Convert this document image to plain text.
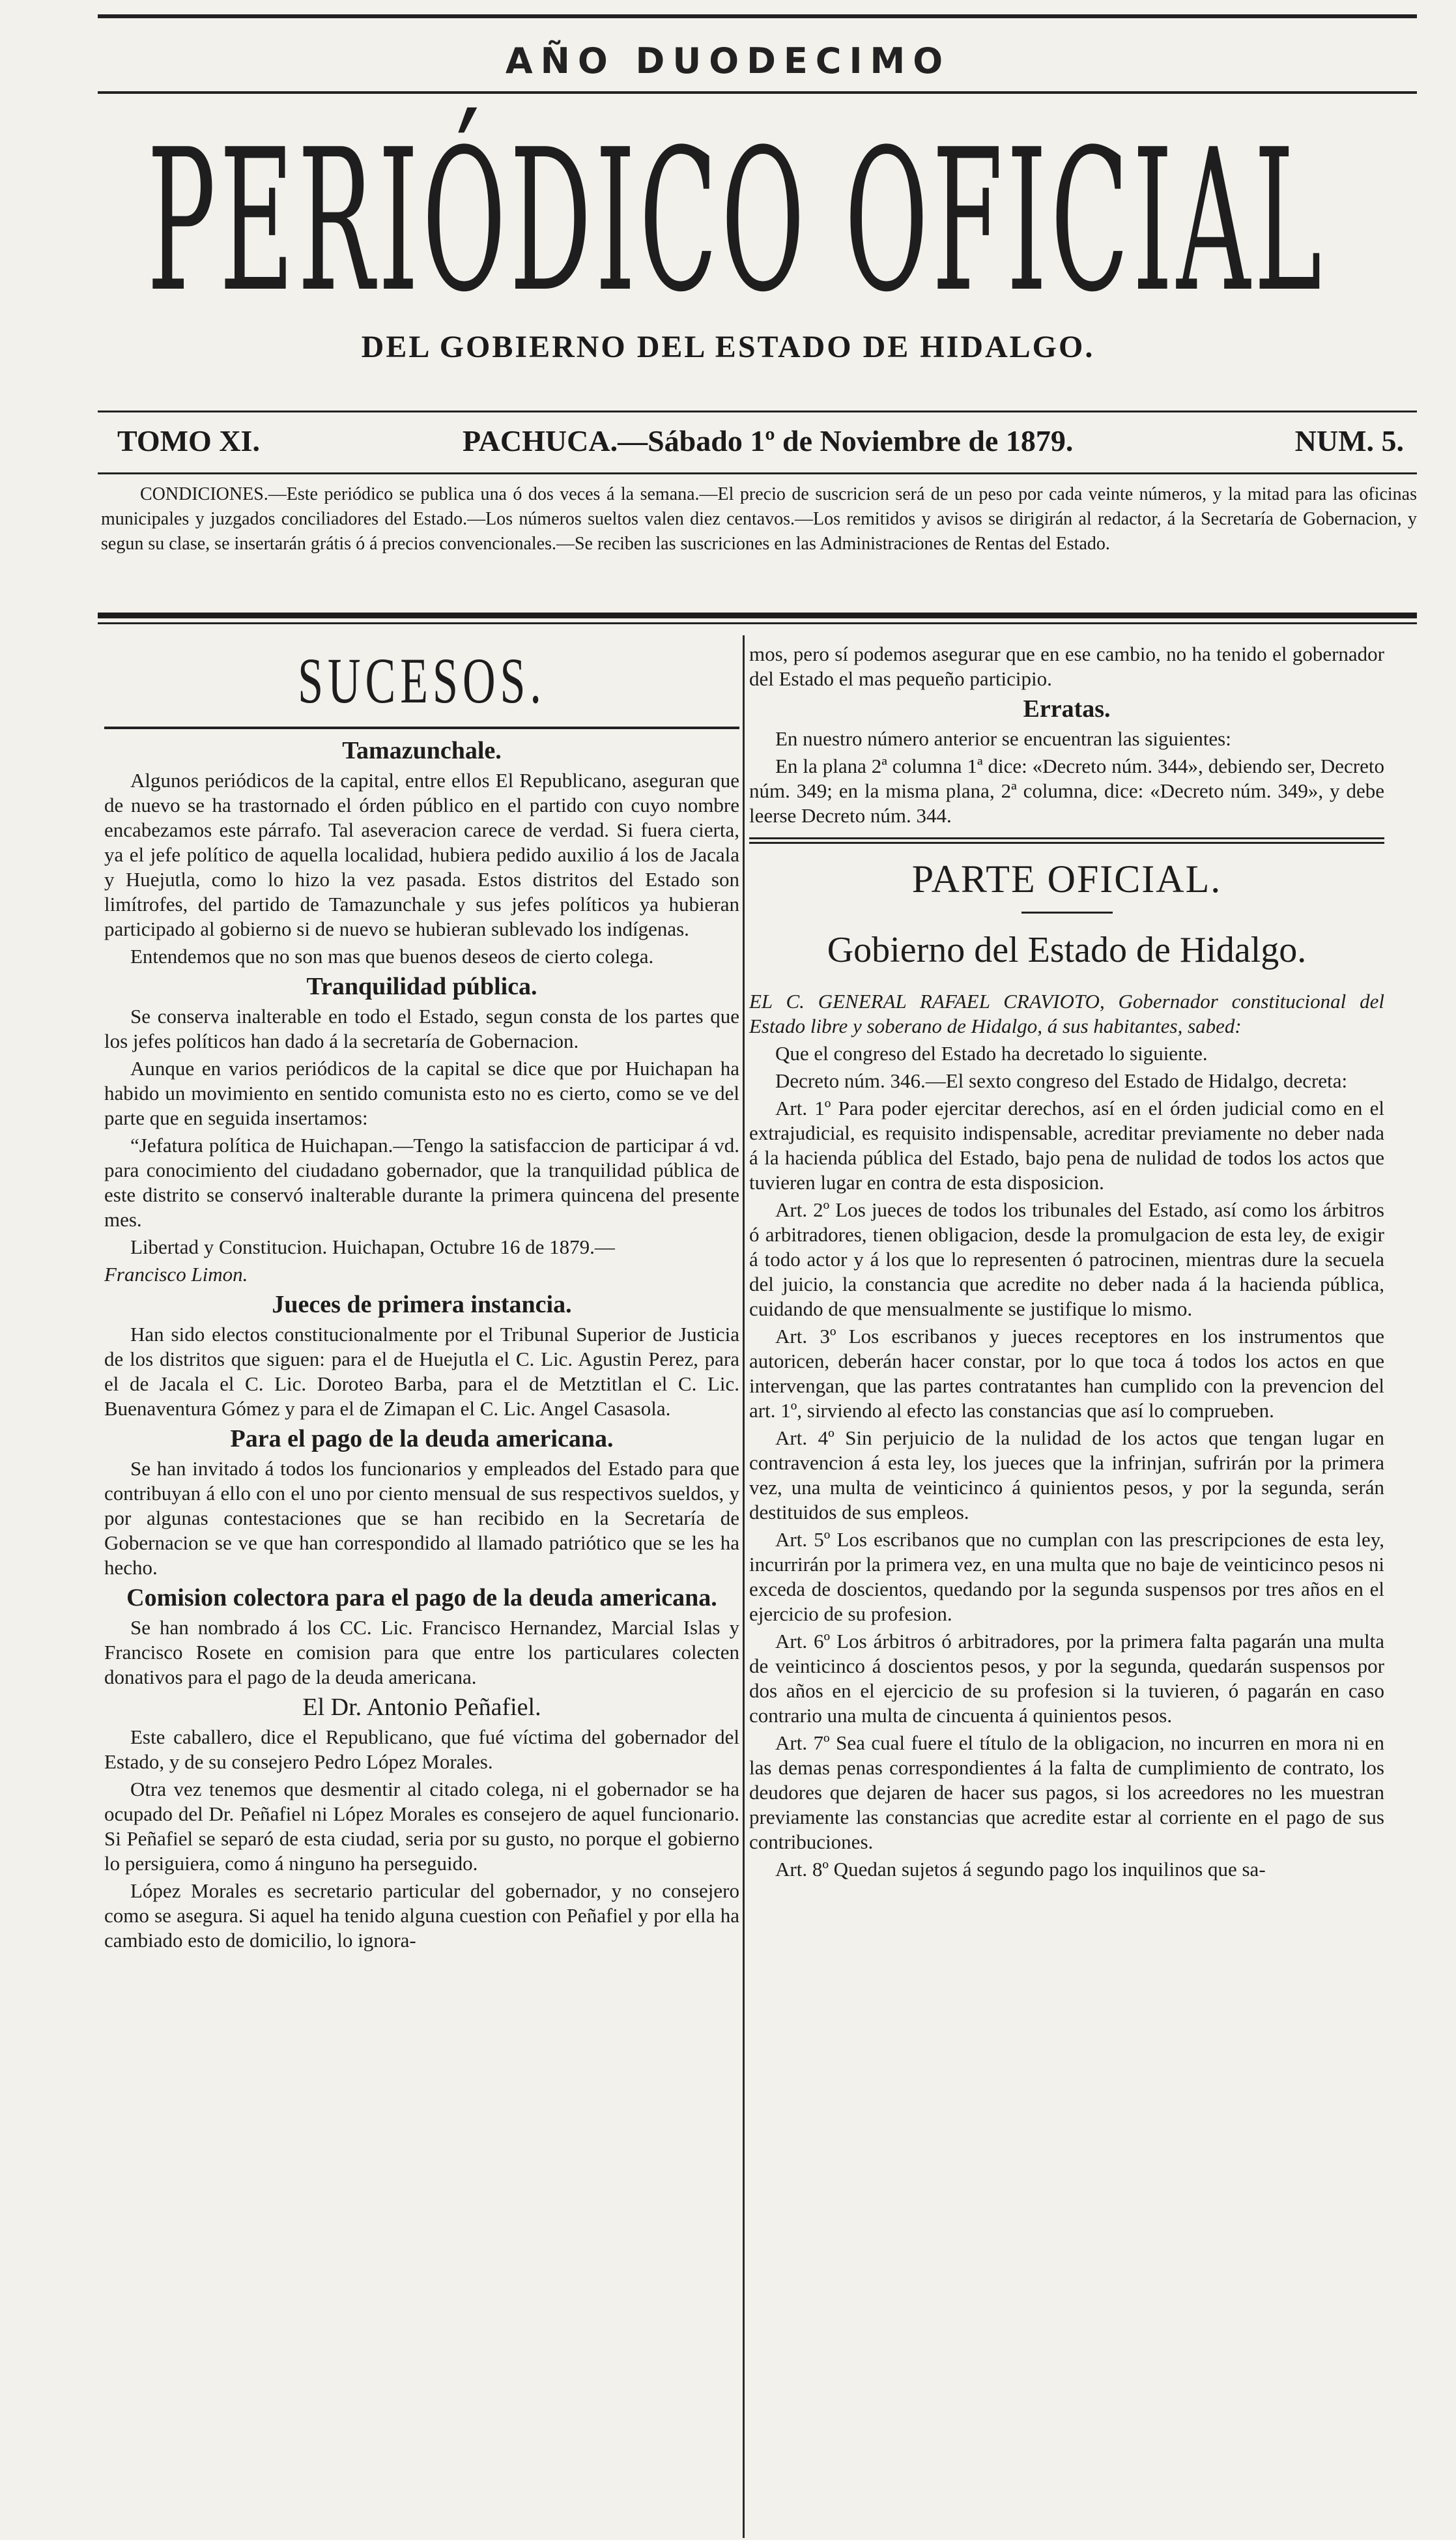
AÑO DUODECIMO
PERIÓDICO OFICIAL
DEL GOBIERNO DEL ESTADO DE HIDALGO.
TOMO XI.	PACHUCA.—Sábado 1º de Noviembre de 1879.	NUM. 5.
CONDICIONES.—Este periódico se publica una ó dos veces á la semana.—El precio de suscricion será de un peso por cada veinte números, y la mitad para las oficinas municipales y juzgados conciliadores del Estado.—Los números sueltos valen diez centavos.—Los remitidos y avisos se dirigirán al redactor, á la Secretaría de Gobernacion, y segun su clase, se insertarán grátis ó á precios convencionales.—Se reciben las suscriciones en las Administraciones de Rentas del Estado.
SUCESOS.
Tamazunchale.

Algunos periódicos de la capital, entre ellos El Republicano, aseguran que de nuevo se ha trastornado el órden público en el partido con cuyo nombre encabezamos este párrafo. Tal aseveracion carece de verdad. Si fuera cierta, ya el jefe político de aquella localidad, hubiera pedido auxilio á los de Jacala y Huejutla, como lo hizo la vez pasada. Estos distritos del Estado son limítrofes, del partido de Tamazunchale y sus jefes políticos ya hubieran participado al gobierno si de nuevo se hubieran sublevado los indígenas.

Entendemos que no son mas que buenos deseos de cierto colega.

Tranquilidad pública.

Se conserva inalterable en todo el Estado, segun consta de los partes que los jefes políticos han dado á la secretaría de Gobernacion.

Aunque en varios periódicos de la capital se dice que por Huichapan ha habido un movimiento en sentido comunista esto no es cierto, como se ve del parte que en seguida insertamos:

“Jefatura política de Huichapan.—Tengo la satisfaccion de participar á vd. para conocimiento del ciudadano gobernador, que la tranquilidad pública de este distrito se conservó inalterable durante la primera quincena del presente mes.

Libertad y Constitucion. Huichapan, Octubre 16 de 1879.—

Francisco Limon.

Jueces de primera instancia.

Han sido electos constitucionalmente por el Tribunal Superior de Justicia de los distritos que siguen: para el de Huejutla el C. Lic. Agustin Perez, para el de Jacala el C. Lic. Doroteo Barba, para el de Metztitlan el C. Lic. Buenaventura Gómez y para el de Zimapan el C. Lic. Angel Casasola.

Para el pago de la deuda americana.

Se han invitado á todos los funcionarios y empleados del Estado para que contribuyan á ello con el uno por ciento mensual de sus respectivos sueldos, y por algunas contestaciones que se han recibido en la Secretaría de Gobernacion se ve que han correspondido al llamado patriótico que se les ha hecho.

Comision colectora para el pago de la deuda americana.

Se han nombrado á los CC. Lic. Francisco Hernandez, Marcial Islas y Francisco Rosete en comision para que entre los particulares colecten donativos para el pago de la deuda americana.

El Dr. Antonio Peñafiel.

Este caballero, dice el Republicano, que fué víctima del gobernador del Estado, y de su consejero Pedro López Morales.

Otra vez tenemos que desmentir al citado colega, ni el gobernador se ha ocupado del Dr. Peñafiel ni López Morales es consejero de aquel funcionario. Si Peñafiel se separó de esta ciudad, seria por su gusto, no porque el gobierno lo persiguiera, como á ninguno ha perseguido.

López Morales es secretario particular del gobernador, y no consejero como se asegura. Si aquel ha tenido alguna cuestion con Peñafiel y por ella ha cambiado esto de domicilio, lo ignora-

mos, pero sí podemos asegurar que en ese cambio, no ha tenido el gobernador del Estado el mas pequeño participio.

Erratas.

En nuestro número anterior se encuentran las siguientes:

En la plana 2ª columna 1ª dice: «Decreto núm. 344», debiendo ser, Decreto núm. 349; en la misma plana, 2ª columna, dice: «Decreto núm. 349», y debe leerse Decreto núm. 344.

PARTE OFICIAL.
Gobierno del Estado de Hidalgo.

EL C. GENERAL RAFAEL CRAVIOTO, Gobernador constitucional del Estado libre y soberano de Hidalgo, á sus habitantes, sabed:

Que el congreso del Estado ha decretado lo siguiente.

Decreto núm. 346.—El sexto congreso del Estado de Hidalgo, decreta:

Art. 1º Para poder ejercitar derechos, así en el órden judicial como en el extrajudicial, es requisito indispensable, acreditar previamente no deber nada á la hacienda pública del Estado, bajo pena de nulidad de todos los actos que tuvieren lugar en contra de esta disposicion.

Art. 2º Los jueces de todos los tribunales del Estado, así como los árbitros ó arbitradores, tienen obligacion, desde la promulgacion de esta ley, de exigir á todo actor y á los que lo representen ó patrocinen, mientras dure la secuela del juicio, la constancia que acredite no deber nada á la hacienda pública, cuidando de que mensualmente se justifique lo mismo.

Art. 3º Los escribanos y jueces receptores en los instrumentos que autoricen, deberán hacer constar, por lo que toca á todos los actos en que intervengan, que las partes contratantes han cumplido con la prevencion del art. 1º, sirviendo al efecto las constancias que así lo comprueben.

Art. 4º Sin perjuicio de la nulidad de los actos que tengan lugar en contravencion á esta ley, los jueces que la infrinjan, sufrirán por la primera vez, una multa de veinticinco á quinientos pesos, y por la segunda, serán destituidos de sus empleos.

Art. 5º Los escribanos que no cumplan con las prescripciones de esta ley, incurrirán por la primera vez, en una multa que no baje de veinticinco pesos ni exceda de doscientos, quedando por la segunda suspensos por tres años en el ejercicio de su profesion.

Art. 6º Los árbitros ó arbitradores, por la primera falta pagarán una multa de veinticinco á doscientos pesos, y por la segunda, quedarán suspensos por dos años en el ejercicio de su profesion si la tuvieren, ó pagarán en caso contrario una multa de cincuenta á quinientos pesos.

Art. 7º Sea cual fuere el título de la obligacion, no incurren en mora ni en las demas penas correspondientes á la falta de cumplimiento de contrato, los deudores que dejaren de hacer sus pagos, si los acreedores no les muestran previamente las constancias que acredite estar al corriente en el pago de sus contribuciones.

Art. 8º Quedan sujetos á segundo pago los inquilinos que sa-
